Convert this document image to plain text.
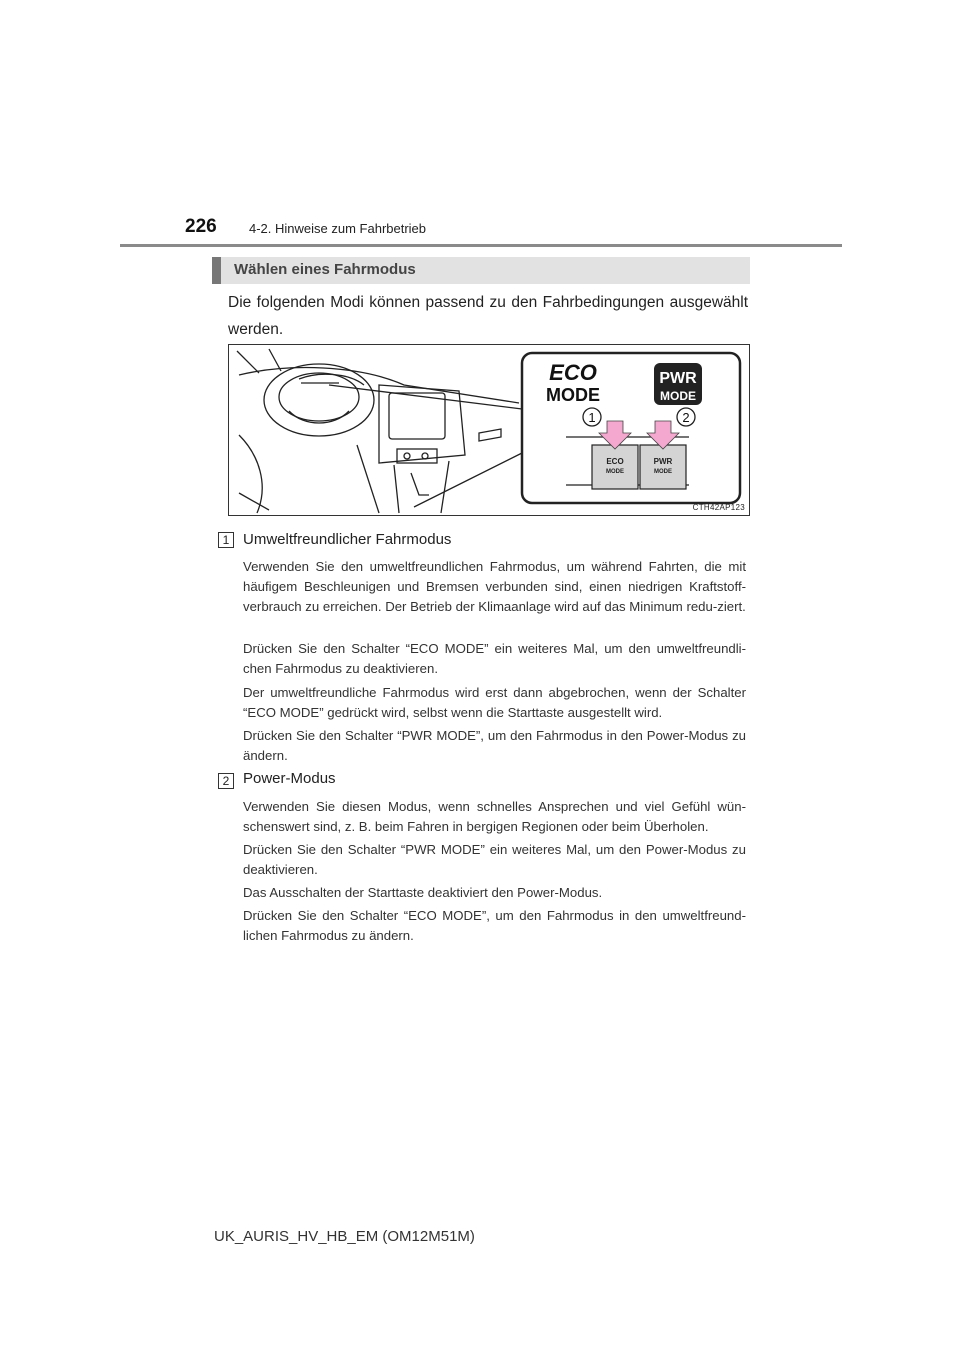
226 4-2. Hinweise zum Fahrbetrieb
Wählen eines Fahrmodus
Die folgenden Modi können passend zu den Fahrbedingungen ausgewählt werden.
ECO
MODE
PWR
MODE
1	2
ECO
MODE
PWR
MODE
CTH42AP123
1 Umweltfreundlicher Fahrmodus
Verwenden Sie den umweltfreundlichen Fahrmodus, um während Fahrten, die mit häufigem Beschleunigen und Bremsen verbunden sind, einen niedrigen Kraftstoff-verbrauch zu erreichen. Der Betrieb der Klimaanlage wird auf das Minimum redu-ziert.
Drücken Sie den Schalter “ECO MODE” ein weiteres Mal, um den umweltfreundli-chen Fahrmodus zu deaktivieren.
Der umweltfreundliche Fahrmodus wird erst dann abgebrochen, wenn der Schalter “ECO MODE” gedrückt wird, selbst wenn die Starttaste ausgestellt wird.
Drücken Sie den Schalter “PWR MODE”, um den Fahrmodus in den Power-Modus zu ändern.
2 Power-Modus
Verwenden Sie diesen Modus, wenn schnelles Ansprechen und viel Gefühl wün-schenswert sind, z. B. beim Fahren in bergigen Regionen oder beim Überholen.
Drücken Sie den Schalter “PWR MODE” ein weiteres Mal, um den Power-Modus zu deaktivieren.
Das Ausschalten der Starttaste deaktiviert den Power-Modus.
Drücken Sie den Schalter “ECO MODE”, um den Fahrmodus in den umweltfreund-lichen Fahrmodus zu ändern.
UK_AURIS_HV_HB_EM (OM12M51M)
